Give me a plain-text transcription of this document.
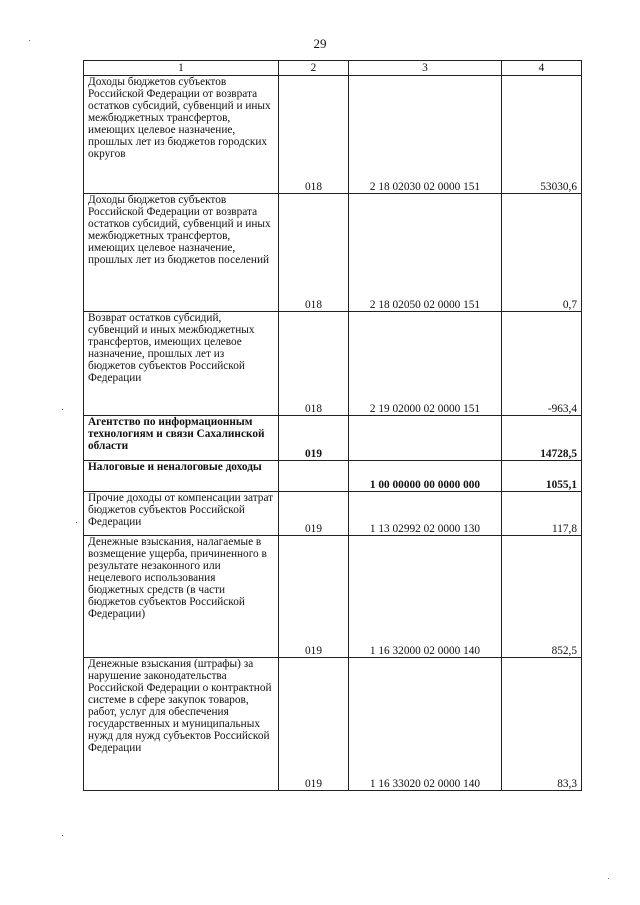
29
1	2	3	4
Доходы бюджетов субъектов Российской Федерации от возврата остатков субсидий, субвенций и иных межбюджетных трансфертов, имеющих целевое назначение, прошлых лет из бюджетов городских округов	018	2 18 02030 02 0000 151	53030,6
Доходы бюджетов субъектов Российской Федерации от возврата остатков субсидий, субвенций и иных межбюджетных трансфертов, имеющих целевое назначение, прошлых лет из бюджетов поселений	018	2 18 02050 02 0000 151	0,7
Возврат остатков субсидий, субвенций и иных межбюджетных трансфертов, имеющих целевое назначение, прошлых лет из бюджетов субъектов Российской Федерации	018	2 19 02000 02 0000 151	-963,4
Агентство по информационным технологиям и связи Сахалинской области	019		14728,5
Налоговые и неналоговые доходы		1 00 00000 00 0000 000	1055,1
Прочие доходы от компенсации затрат бюджетов субъектов Российской Федерации	019	1 13 02992 02 0000 130	117,8
Денежные взыскания, налагаемые в возмещение ущерба, причиненного в результате незаконного или нецелевого использования бюджетных средств (в части бюджетов субъектов Российской Федерации)	019	1 16 32000 02 0000 140	852,5
Денежные взыскания (штрафы) за нарушение законодательства Российской Федерации о контрактной системе в сфере закупок товаров, работ, услуг для обеспечения государственных и муниципальных нужд для нужд субъектов Российской Федерации	019	1 16 33020 02 0000 140	83,3
